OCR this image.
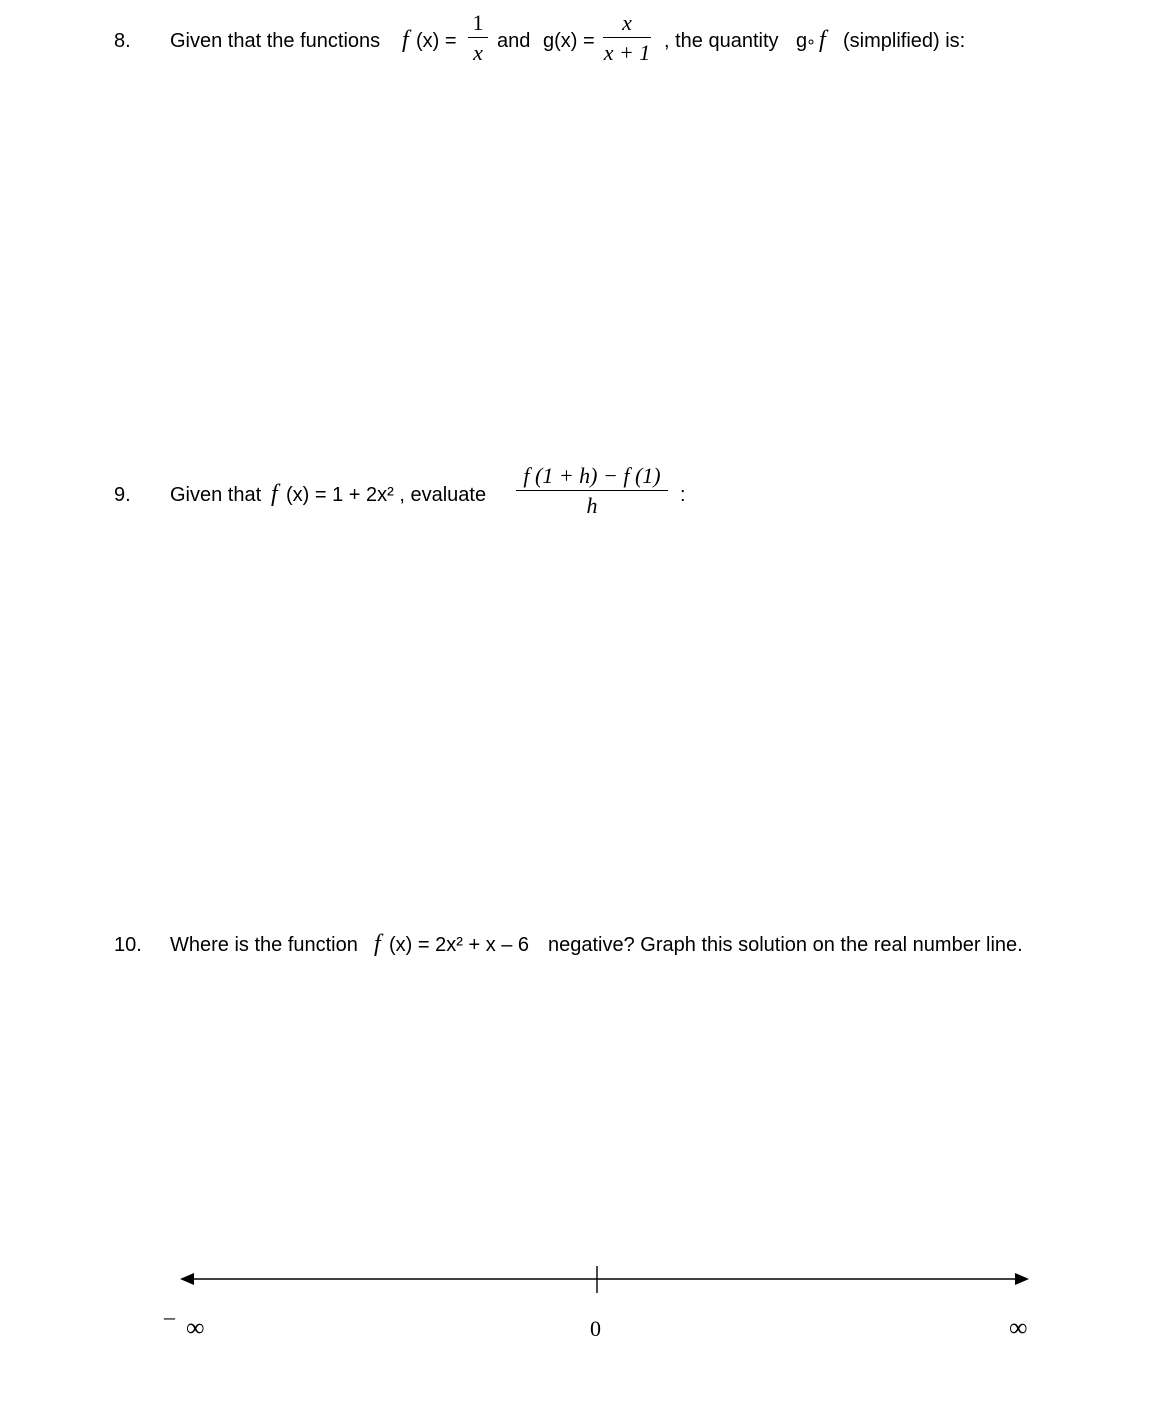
8. Given that the functions f (x) =
1
x and g(x) =
x
x + 1 , the quantity g
∘ f (simplified) is:
9. Given that f (x) = 1 + 2x² , evaluate
f (1 + h) − f (1)
h	:
10. Where is the function f (x) = 2x² + x – 6 negative? Graph this solution on the real number line.
– ∞	0	∞
